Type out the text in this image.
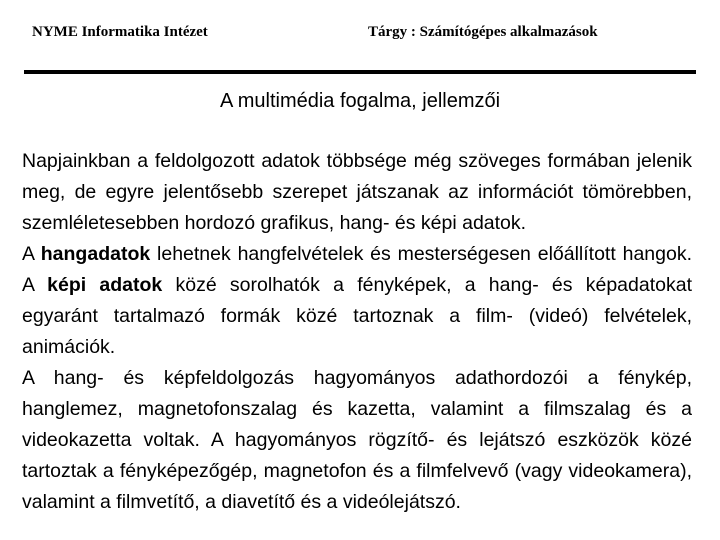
NYME Informatika Intézet	Tárgy : Számítógépes alkalmazások
A multimédia fogalma, jellemzői

Napjainkban a feldolgozott adatok többsége még szöveges formában jelenik meg, de egyre jelentősebb szerepet játszanak az információt tömörebben, szemléletesebben hordozó grafikus, hang- és képi adatok.

A hangadatok lehetnek hangfelvételek és mesterségesen előállított hangok. A képi adatok közé sorolhatók a fényképek, a hang- és képadatokat egyaránt tartalmazó formák közé tartoznak a film- (videó) felvételek, animációk.

A hang- és képfeldolgozás hagyományos adathordozói a fénykép, hanglemez, magnetofonszalag és kazetta, valamint a filmszalag és a videokazetta voltak. A hagyományos rögzítő- és lejátszó eszközök közé tartoztak a fényképezőgép, magnetofon és a filmfelvevő (vagy videokamera), valamint a filmvetítő, a diavetítő és a videólejátszó.
